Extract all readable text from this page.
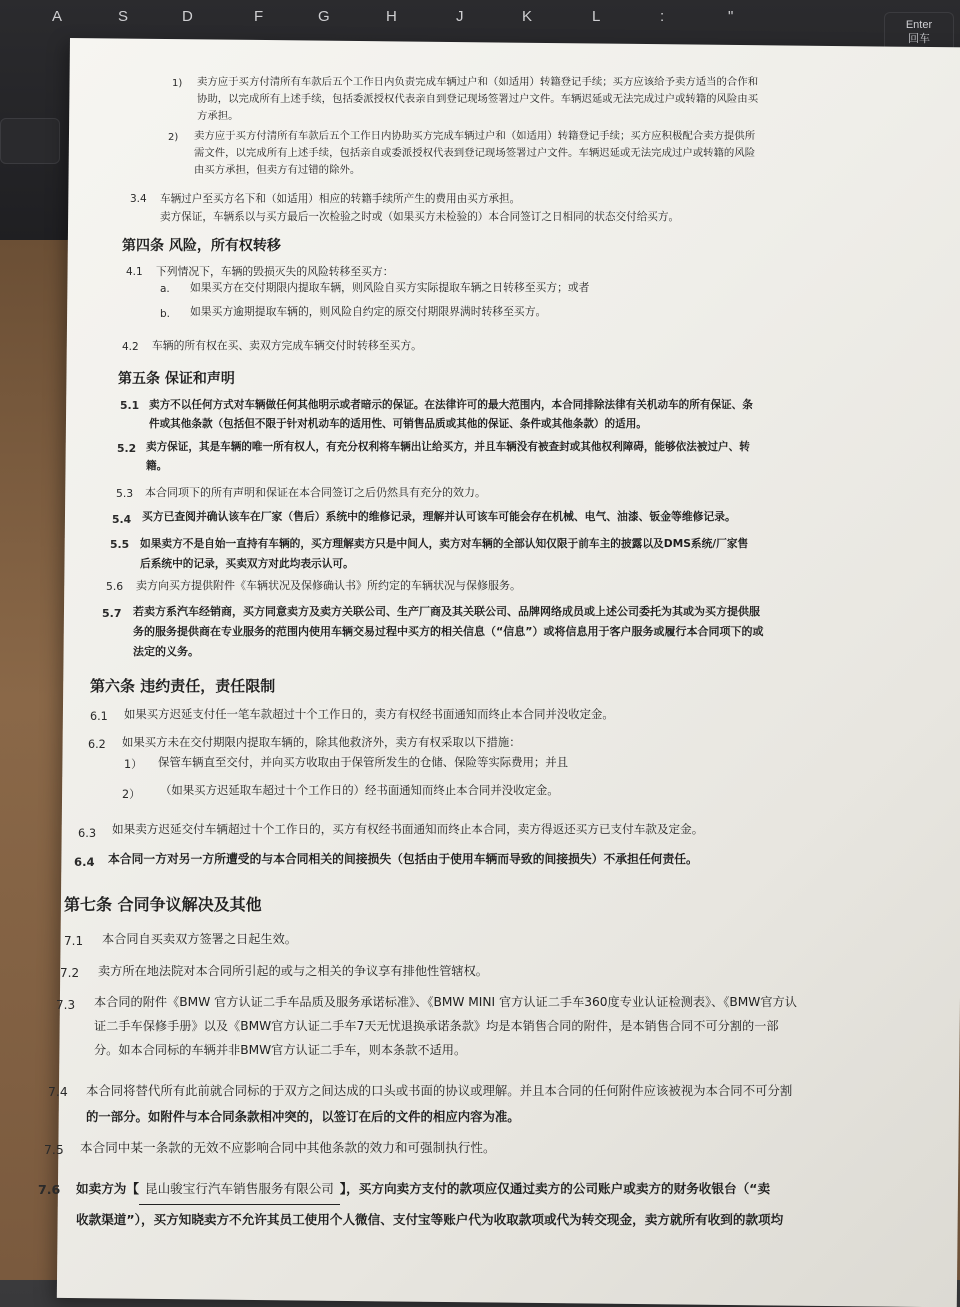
A	S	D	F	G	H	J	K	L	:	"	Enter
回车
1) 卖方应于买方付清所有车款后五个工作日内负责完成车辆过户和（如适用）转籍登记手续；买方应该给予卖方适当的合作和
协助，以完成所有上述手续，包括委派授权代表亲自到登记现场签署过户文件。车辆迟延或无法完成过户或转籍的风险由买
方承担。
2) 卖方应于买方付清所有车款后五个工作日内协助买方完成车辆过户和（如适用）转籍登记手续；买方应积极配合卖方提供所
需文件，以完成所有上述手续，包括亲自或委派授权代表到登记现场签署过户文件。车辆迟延或无法完成过户或转籍的风险
由买方承担，但卖方有过错的除外。
3.4 车辆过户至买方名下和（如适用）相应的转籍手续所产生的费用由买方承担。
卖方保证，车辆系以与买方最后一次检验之时或（如果买方未检验的）本合同签订之日相同的状态交付给买方。
第四条 风险，所有权转移
4.1 下列情况下，车辆的毁损灭失的风险转移至买方：
a. 如果买方在交付期限内提取车辆，则风险自买方实际提取车辆之日转移至买方；或者
b. 如果买方逾期提取车辆的，则风险自约定的原交付期限界满时转移至买方。
4.2 车辆的所有权在买、卖双方完成车辆交付时转移至买方。
第五条 保证和声明
5.1 卖方不以任何方式对车辆做任何其他明示或者暗示的保证。在法律许可的最大范围内，本合同排除法律有关机动车的所有保证、条
件或其他条款（包括但不限于针对机动车的适用性、可销售品质或其他的保证、条件或其他条款）的适用。
5.2 卖方保证，其是车辆的唯一所有权人，有充分权利将车辆出让给买方，并且车辆没有被查封或其他权利障碍，能够依法被过户、转
籍。
5.3 本合同项下的所有声明和保证在本合同签订之后仍然具有充分的效力。
5.4 买方已查阅并确认该车在厂家（售后）系统中的维修记录，理解并认可该车可能会存在机械、电气、油漆、钣金等维修记录。
5.5 如果卖方不是自始一直持有车辆的，买方理解卖方只是中间人，卖方对车辆的全部认知仅限于前车主的披露以及DMS系统/厂家售
后系统中的记录，买卖双方对此均表示认可。
5.6 卖方向买方提供附件《车辆状况及保修确认书》所约定的车辆状况与保修服务。
5.7 若卖方系汽车经销商，买方同意卖方及卖方关联公司、生产厂商及其关联公司、品牌网络成员或上述公司委托为其或为买方提供服
务的服务提供商在专业服务的范围内使用车辆交易过程中买方的相关信息（“信息”）或将信息用于客户服务或履行本合同项下的或
法定的义务。
第六条 违约责任，责任限制
6.1 如果买方迟延支付任一笔车款超过十个工作日的，卖方有权经书面通知而终止本合同并没收定金。
6.2 如果买方未在交付期限内提取车辆的，除其他救济外，卖方有权采取以下措施：
1） 保管车辆直至交付，并向买方收取由于保管所发生的仓储、保险等实际费用；并且
2） （如果买方迟延取车超过十个工作日的）经书面通知而终止本合同并没收定金。
6.3 如果卖方迟延交付车辆超过十个工作日的，买方有权经书面通知而终止本合同，卖方得返还买方已支付车款及定金。
6.4 本合同一方对另一方所遭受的与本合同相关的间接损失（包括由于使用车辆而导致的间接损失）不承担任何责任。
第七条 合同争议解决及其他
7.1 本合同自买卖双方签署之日起生效。
7.2 卖方所在地法院对本合同所引起的或与之相关的争议享有排他性管辖权。
7.3 本合同的附件《BMW 官方认证二手车品质及服务承诺标准》、《BMW MINI 官方认证二手车360度专业认证检测表》、《BMW官方认
证二手车保修手册》以及《BMW官方认证二手车7天无忧退换承诺条款》均是本销售合同的附件，是本销售合同不可分割的一部
分。如本合同标的车辆并非BMW官方认证二手车，则本条款不适用。
7.4 本合同将替代所有此前就合同标的于双方之间达成的口头或书面的协议或理解。并且本合同的任何附件应该被视为本合同不可分割
的一部分。如附件与本合同条款相冲突的，以签订在后的文件的相应内容为准。
7.5 本合同中某一条款的无效不应影响合同中其他条款的效力和可强制执行性。
7.6 如卖方为【 昆山骏宝行汽车销售服务有限公司 】，买方向卖方支付的款项应仅通过卖方的公司账户或卖方的财务收银台（“卖
收款渠道”），买方知晓卖方不允许其员工使用个人微信、支付宝等账户代为收取款项或代为转交现金，卖方就所有收到的款项均
